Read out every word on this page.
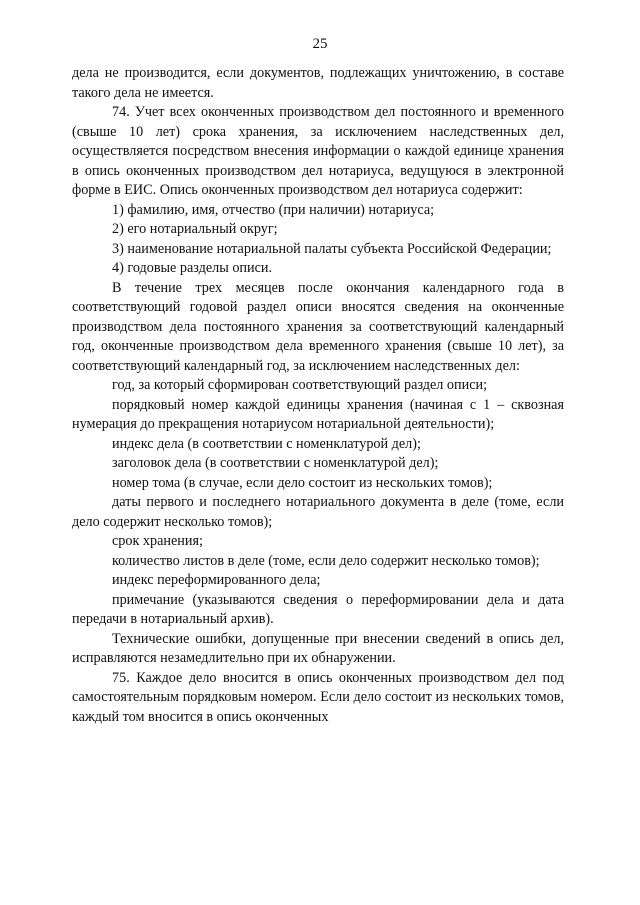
25

дела не производится, если документов, подлежащих уничтожению, в составе такого дела не имеется.

74. Учет всех оконченных производством дел постоянного и временного (свыше 10 лет) срока хранения, за исключением наследственных дел, осуществляется посредством внесения информации о каждой единице хранения в опись оконченных производством дел нотариуса, ведущуюся в электронной форме в ЕИС. Опись оконченных производством дел нотариуса содержит:

1) фамилию, имя, отчество (при наличии) нотариуса;

2) его нотариальный округ;

3) наименование нотариальной палаты субъекта Российской Федерации;

4) годовые разделы описи.

В течение трех месяцев после окончания календарного года в соответствующий годовой раздел описи вносятся сведения на оконченные производством дела постоянного хранения за соответствующий календарный год, оконченные производством дела временного хранения (свыше 10 лет), за соответствующий календарный год, за исключением наследственных дел:

год, за который сформирован соответствующий раздел описи;

порядковый номер каждой единицы хранения (начиная с 1 – сквозная нумерация до прекращения нотариусом нотариальной деятельности);

индекс дела (в соответствии с номенклатурой дел);

заголовок дела (в соответствии с номенклатурой дел);

номер тома (в случае, если дело состоит из нескольких томов);

даты первого и последнего нотариального документа в деле (томе, если дело содержит несколько томов);

срок хранения;

количество листов в деле (томе, если дело содержит несколько томов);

индекс переформированного дела;

примечание (указываются сведения о переформировании дела и дата передачи в нотариальный архив).

Технические ошибки, допущенные при внесении сведений в опись дел, исправляются незамедлительно при их обнаружении.

75. Каждое дело вносится в опись оконченных производством дел под самостоятельным порядковым номером. Если дело состоит из нескольких томов, каждый том вносится в опись оконченных
